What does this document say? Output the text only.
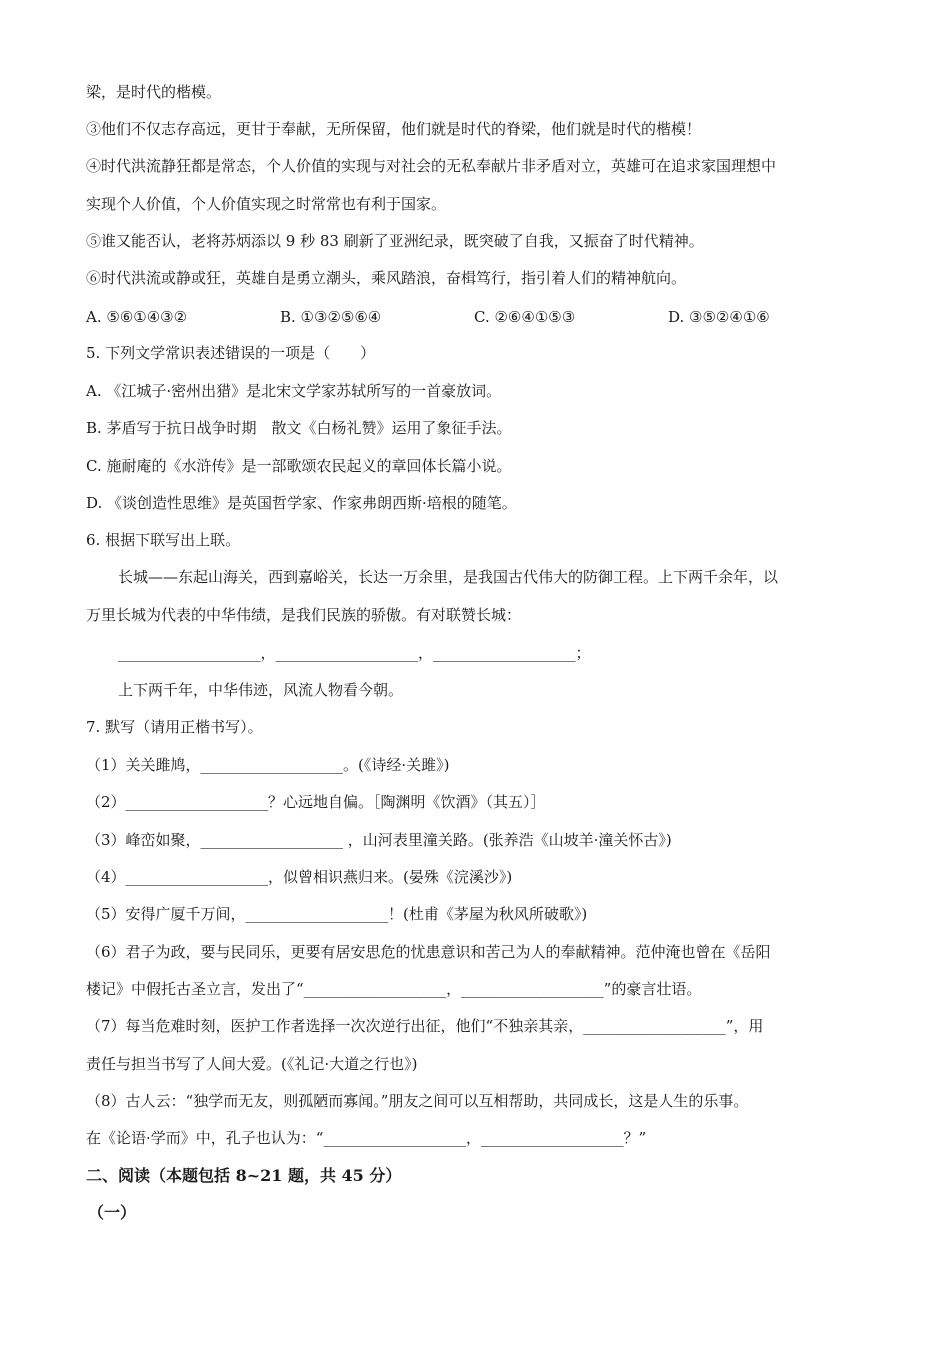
梁，是时代的楷模。
③他们不仅志存高远，更甘于奉献，无所保留，他们就是时代的脊梁，他们就是时代的楷模！
④时代洪流静狂都是常态，个人价值的实现与对社会的无私奉献片非矛盾对立，英雄可在追求家国理想中
实现个人价值，个人价值实现之时常常也有利于国家。
⑤谁又能否认，老将苏炳添以 9 秒 83 刷新了亚洲纪录，既突破了自我，又振奋了时代精神。
⑥时代洪流或静或狂，英雄自是勇立潮头，乘风踏浪，奋楫笃行，指引着人们的精神航向。
A. ⑤⑥①④③②	B. ①③②⑤⑥④	C. ②⑥④①⑤③	D. ③⑤②④①⑥
5. 下列文学常识表述错误的一项是（　　）
A. 《江城子·密州出猎》是北宋文学家苏轼所写的一首豪放词。
B. 茅盾写于抗日战争时期　散文《白杨礼赞》运用了象征手法。
C. 施耐庵的《水浒传》是一部歌颂农民起义的章回体长篇小说。
D. 《谈创造性思维》是英国哲学家、作家弗朗西斯·培根的随笔。
6. 根据下联写出上联。
长城——东起山海关，西到嘉峪关，长达一万余里，是我国古代伟大的防御工程。上下两千余年，以
万里长城为代表的中华伟绩，是我们民族的骄傲。有对联赞长城：
___________________，___________________，___________________；
上下两千年，中华伟迹，风流人物看今朝。
7. 默写（请用正楷书写）。
（1）关关雎鸠，___________________。(《诗经·关雎》)
（2）___________________？心远地自偏。［陶渊明《饮酒》（其五）］
（3）峰峦如聚，___________________ ，山河表里潼关路。(张养浩《山坡羊·潼关怀古》)
（4）___________________，似曾相识燕归来。(晏殊《浣溪沙》)
（5）安得广厦千万间，___________________！(杜甫《茅屋为秋风所破歌》)
（6）君子为政，要与民同乐，更要有居安思危的忧患意识和苦己为人的奉献精神。范仲淹也曾在《岳阳
楼记》中假托古圣立言，发出了“___________________，___________________”的豪言壮语。
（7）每当危难时刻，医护工作者选择一次次逆行出征，他们“不独亲其亲，___________________”，用
责任与担当书写了人间大爱。(《礼记·大道之行也》)
（8）古人云：“独学而无友，则孤陋而寡闻。”朋友之间可以互相帮助，共同成长，这是人生的乐事。
在《论语·学而》中，孔子也认为：“___________________，___________________？”
二、阅读（本题包括 8~21 题，共 45 分）
（一）
